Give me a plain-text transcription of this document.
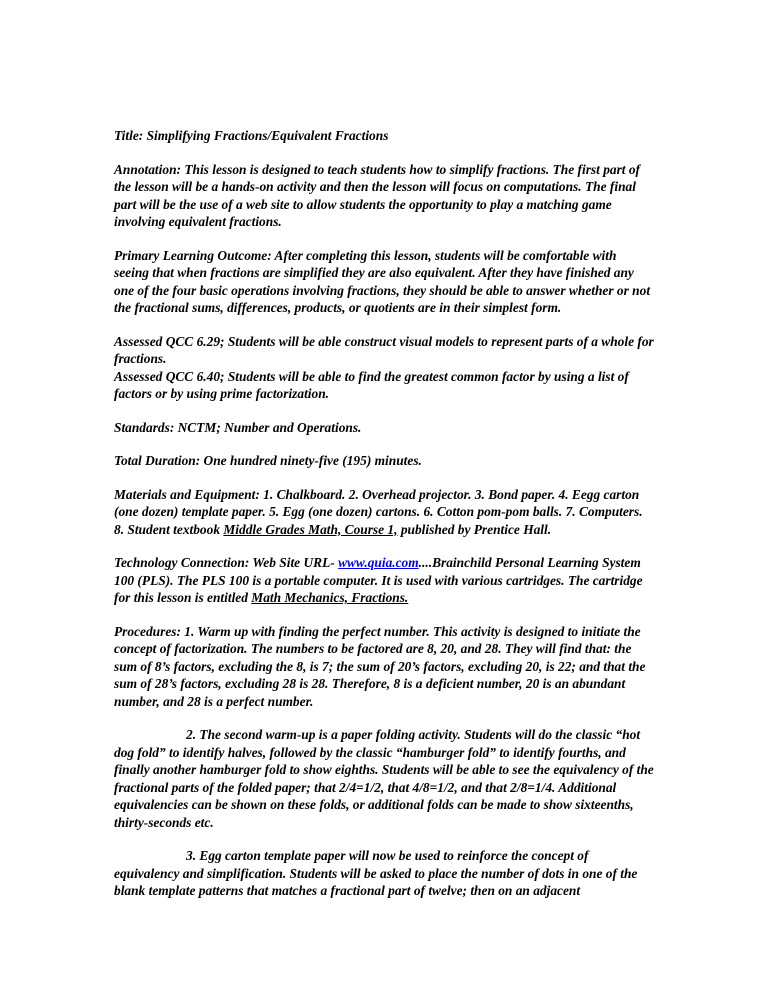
Title: Simplifying Fractions/Equivalent Fractions

Annotation: This lesson is designed to teach students how to simplify fractions. The first part of the lesson will be a hands-on activity and then the lesson will focus on computations. The final part will be the use of a web site to allow students the opportunity to play a matching game involving equivalent fractions.

Primary Learning Outcome: After completing this lesson, students will be comfortable with seeing that when fractions are simplified they are also equivalent. After they have finished any one of the four basic operations involving fractions, they should be able to answer whether or not the fractional sums, differences, products, or quotients are in their simplest form.

Assessed QCC 6.29; Students will be able construct visual models to represent parts of a whole for fractions.

Assessed QCC 6.40; Students will be able to find the greatest common factor by using a list of factors or by using prime factorization.

Standards: NCTM; Number and Operations.

Total Duration: One hundred ninety-five (195) minutes.

Materials and Equipment: 1. Chalkboard. 2. Overhead projector. 3. Bond paper. 4. Eegg carton (one dozen) template paper. 5. Egg (one dozen) cartons. 6. Cotton pom-pom balls. 7. Computers. 8. Student textbook Middle Grades Math, Course 1, published by Prentice Hall.

Technology Connection: Web Site URL- www.quia.com....Brainchild Personal Learning System 100 (PLS). The PLS 100 is a portable computer. It is used with various cartridges. The cartridge for this lesson is entitled Math Mechanics, Fractions.

Procedures: 1. Warm up with finding the perfect number. This activity is designed to initiate the concept of factorization. The numbers to be factored are 8, 20, and 28. They will find that: the sum of 8’s factors, excluding the 8, is 7; the sum of 20’s factors, excluding 20, is 22; and that the sum of 28’s factors, excluding 28 is 28. Therefore, 8 is a deficient number, 20 is an abundant number, and 28 is a perfect number.

2. The second warm-up is a paper folding activity. Students will do the classic “hot dog fold” to identify halves, followed by the classic “hamburger fold” to identify fourths, and finally another hamburger fold to show eighths. Students will be able to see the equivalency of the fractional parts of the folded paper; that 2/4=1/2, that 4/8=1/2, and that 2/8=1/4. Additional equivalencies can be shown on these folds, or additional folds can be made to show sixteenths, thirty-seconds etc.

3. Egg carton template paper will now be used to reinforce the concept of equivalency and simplification. Students will be asked to place the number of dots in one of the blank template patterns that matches a fractional part of twelve; then on an adjacent
